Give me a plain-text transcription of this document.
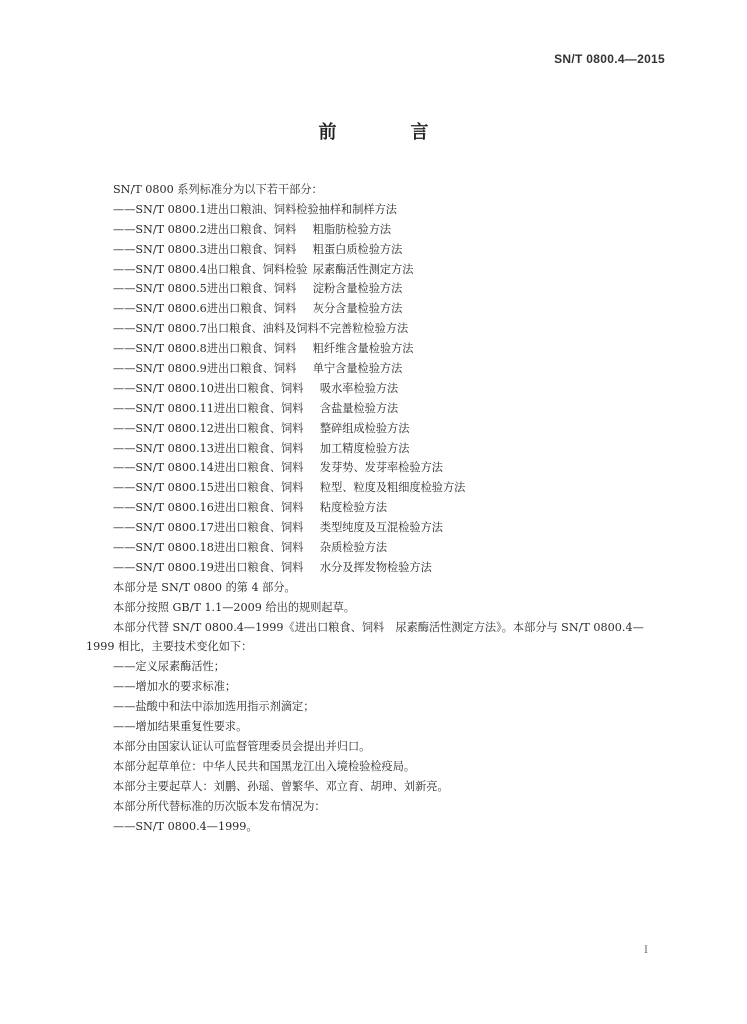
SN/T 0800.4—2015
前　言
SN/T 0800 系列标准分为以下若干部分：
——SN/T 0800.1进出口粮油、饲料检验抽样和制样方法
——SN/T 0800.2进出口粮食、饲料 粗脂肪检验方法
——SN/T 0800.3进出口粮食、饲料 粗蛋白质检验方法
——SN/T 0800.4出口粮食、饲料检验 尿素酶活性测定方法
——SN/T 0800.5进出口粮食、饲料 淀粉含量检验方法
——SN/T 0800.6进出口粮食、饲料 灰分含量检验方法
——SN/T 0800.7出口粮食、油料及饲料不完善粒检验方法
——SN/T 0800.8进出口粮食、饲料 粗纤维含量检验方法
——SN/T 0800.9进出口粮食、饲料 单宁含量检验方法
——SN/T 0800.10进出口粮食、饲料 吸水率检验方法
——SN/T 0800.11进出口粮食、饲料 含盐量检验方法
——SN/T 0800.12进出口粮食、饲料 整碎组成检验方法
——SN/T 0800.13进出口粮食、饲料 加工精度检验方法
——SN/T 0800.14进出口粮食、饲料 发芽势、发芽率检验方法
——SN/T 0800.15进出口粮食、饲料 粒型、粒度及粗细度检验方法
——SN/T 0800.16进出口粮食、饲料 粘度检验方法
——SN/T 0800.17进出口粮食、饲料 类型纯度及互混检验方法
——SN/T 0800.18进出口粮食、饲料 杂质检验方法
——SN/T 0800.19进出口粮食、饲料 水分及挥发物检验方法
本部分是 SN/T 0800 的第 4 部分。
本部分按照 GB/T 1.1—2009 给出的规则起草。
本部分代替 SN/T 0800.4—1999《进出口粮食、饲料　尿素酶活性测定方法》。本部分与 SN/T 0800.4—
1999 相比，主要技术变化如下：
——定义尿素酶活性；
——增加水的要求标准；
——盐酸中和法中添加选用指示剂滴定；
——增加结果重复性要求。
本部分由国家认证认可监督管理委员会提出并归口。
本部分起草单位：中华人民共和国黑龙江出入境检验检疫局。
本部分主要起草人：刘鹏、孙瑶、曾繁华、邓立育、胡珅、刘新亮。
本部分所代替标准的历次版本发布情况为：
——SN/T 0800.4—1999。
I
